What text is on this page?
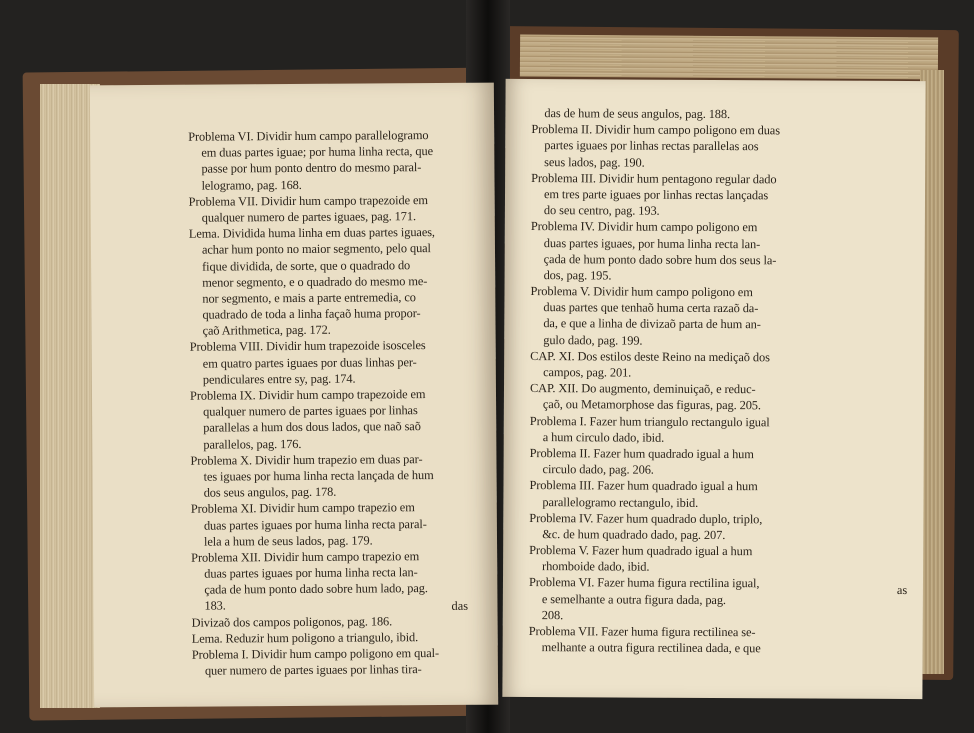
Problema VI. Dividir hum campo parallelogramo
em duas partes iguae; por huma linha recta, que
passe por hum ponto dentro do mesmo paral-
lelogramo, pag. 168.
Problema VII. Dividir hum campo trapezoide em
qualquer numero de partes iguaes, pag. 171.
Lema. Dividida huma linha em duas partes iguaes,
achar hum ponto no maior segmento, pelo qual
fique dividida, de sorte, que o quadrado do
menor segmento, e o quadrado do mesmo me-
nor segmento, e mais a parte entremedia, co
quadrado de toda a linha façaõ huma propor-
çaõ Arithmetica, pag. 172.
Problema VIII. Dividir hum trapezoide isosceles
em quatro partes iguaes por duas linhas per-
pendiculares entre sy, pag. 174.
Problema IX. Dividir hum campo trapezoide em
qualquer numero de partes iguaes por linhas
parallelas a hum dos dous lados, que naõ saõ
parallelos, pag. 176.
Problema X. Dividir hum trapezio em duas par-
tes iguaes por huma linha recta lançada de hum
dos seus angulos, pag. 178.
Problema XI. Dividir hum campo trapezio em
duas partes iguaes por huma linha recta paral-
lela a hum de seus lados, pag. 179.
Problema XII. Dividir hum campo trapezio em
duas partes iguaes por huma linha recta lan-
çada de hum ponto dado sobre hum lado, pag.
183.
Divizaõ dos campos poligonos, pag. 186.
Lema. Reduzir hum poligono a triangulo, ibid.
Problema I. Dividir hum campo poligono em qual-
quer numero de partes iguaes por linhas tira-
das
das de hum de seus angulos, pag. 188.
Problema II. Dividir hum campo poligono em duas
partes iguaes por linhas rectas parallelas aos
seus lados, pag. 190.
Problema III. Dividir hum pentagono regular dado
em tres parte iguaes por linhas rectas lançadas
do seu centro, pag. 193.
Problema IV. Dividir hum campo poligono em
duas partes iguaes, por huma linha recta lan-
çada de hum ponto dado sobre hum dos seus la-
dos, pag. 195.
Problema V. Dividir hum campo poligono em
duas partes que tenhaõ huma certa razaõ da-
da, e que a linha de divizaõ parta de hum an-
gulo dado, pag. 199.
CAP. XI. Dos estilos deste Reino na mediçaõ dos
campos, pag. 201.
CAP. XII. Do augmento, deminuiçaõ, e reduc-
çaõ, ou Metamorphose das figuras, pag. 205.
Problema I. Fazer hum triangulo rectangulo igual
a hum circulo dado, ibid.
Problema II. Fazer hum quadrado igual a hum
circulo dado, pag. 206.
Problema III. Fazer hum quadrado igual a hum
parallelogramo rectangulo, ibid.
Problema IV. Fazer hum quadrado duplo, triplo,
&c. de hum quadrado dado, pag. 207.
Problema V. Fazer hum quadrado igual a hum
rhomboide dado, ibid.
Problema VI. Fazer huma figura rectilina igual,
e semelhante a outra figura dada, pag.
208.
Problema VII. Fazer huma figura rectilinea se-
melhante a outra figura rectilinea dada, e que
as
